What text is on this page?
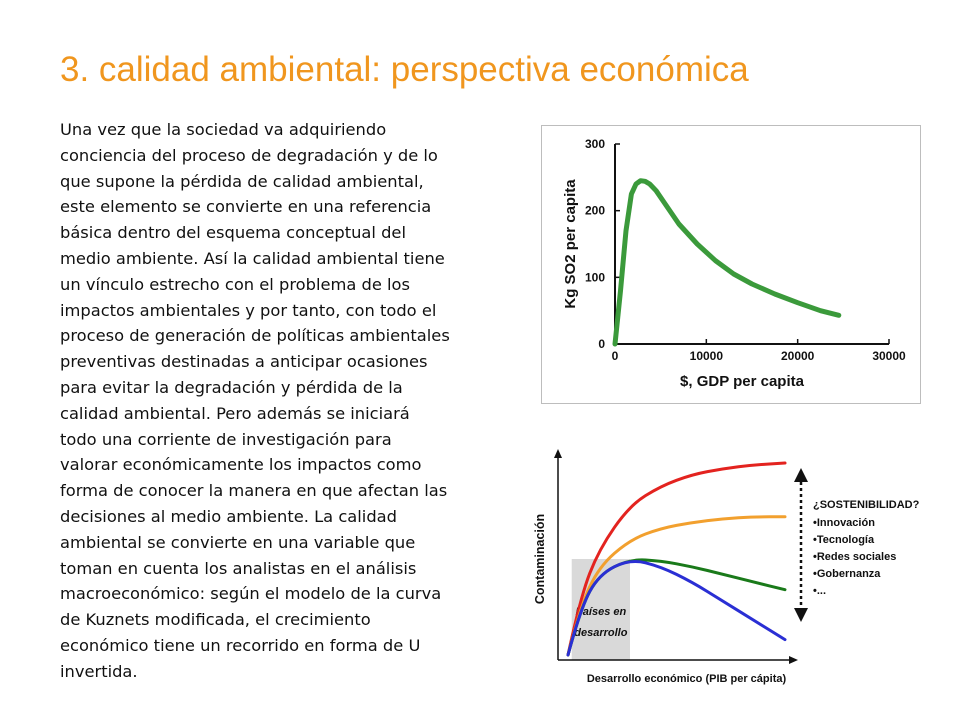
3. calidad ambiental: perspectiva económica
Una vez que la sociedad va adquiriendo
conciencia del proceso de degradación y de lo
que supone la pérdida de calidad ambiental,
este elemento se convierte en una referencia
básica dentro del esquema conceptual del
medio ambiente. Así la calidad ambiental tiene
un vínculo estrecho con el problema de los
impactos ambientales y por tanto, con todo el
proceso de generación de políticas ambientales
preventivas destinadas a anticipar ocasiones
para evitar la degradación y pérdida de la
calidad ambiental. Pero además se iniciará
todo una corriente de investigación para
valorar económicamente los impactos como
forma de conocer la manera en que afectan las
decisiones al medio ambiente. La calidad
ambiental se convierte en una variable que
toman en cuenta los analistas en el análisis
macroeconómico: según el modelo de la curva
de Kuznets modificada, el crecimiento
económico tiene un recorrido en forma de U
invertida.
0
100
200
300
0	10000	20000	30000
$, GDP per capita
Kg SO2 per capita
Países en
desarrollo
¿SOSTENIBILIDAD?
•Innovación
•Tecnología
•Redes sociales
•Gobernanza
•...
Desarrollo económico (PIB per cápita)
Contaminación
